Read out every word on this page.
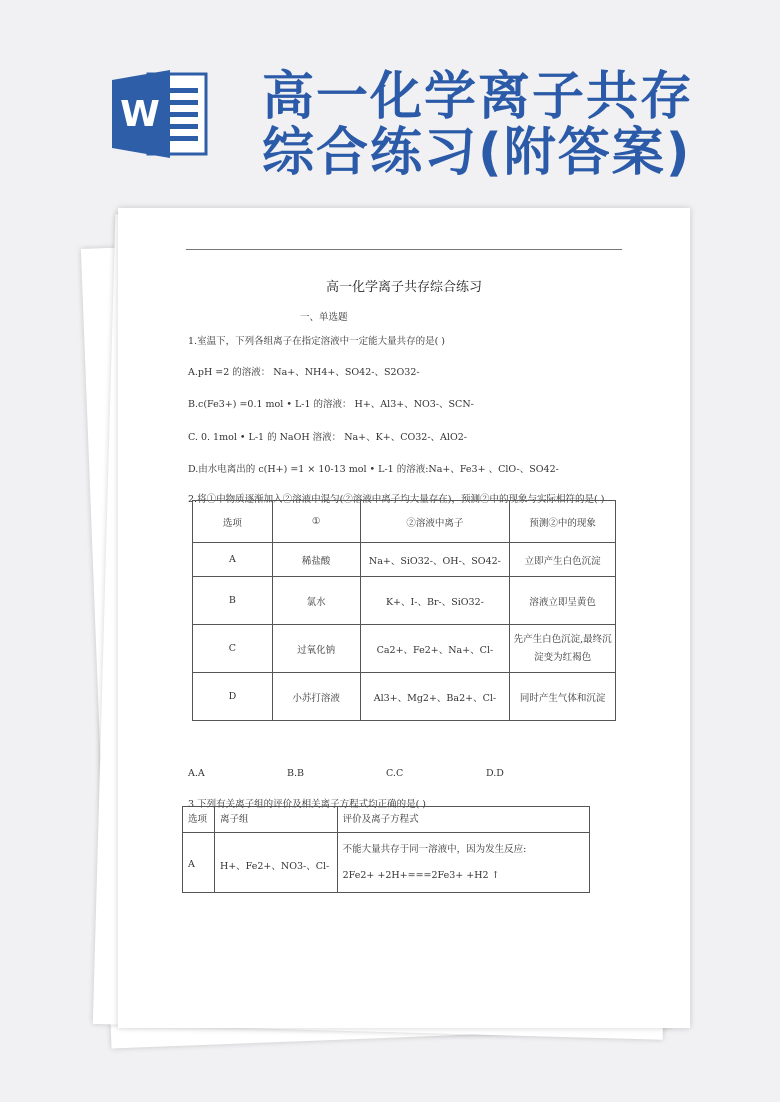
W 高一化学离子共存
综合练习(附答案)
高一化学离子共存综合练习
一、单选题
1.室温下，下列各组离子在指定溶液中一定能大量共存的是( )
A.pH =2 的溶液： Na+、NH4+、SO42-、S2O32-
B.c(Fe3+) =0.1 mol • L-1 的溶液： H+、Al3+、NO3-、SCN-
C. 0. 1mol • L-1 的 NaOH 溶液： Na+、K+、CO32-、AlO2-
D.由水电离出的 c(H+) =1 × 10-13 mol • L-1 的溶液:Na+、Fe3+ 、ClO-、SO42-
2.将①中物质逐渐加入②溶液中混匀(②溶液中离子均大量存在)，预测②中的现象与实际相符的是( )
选项	①	②溶液中离子	预测②中的现象
A	稀盐酸	Na+、SiO32-、OH-、SO42-	立即产生白色沉淀
B	氯水	K+、I-、Br-、SiO32-	溶液立即呈黄色
C	过氧化钠	Ca2+、Fe2+、Na+、Cl-	先产生白色沉淀,最终沉淀变为红褐色
D	小苏打溶液	Al3+、Mg2+、Ba2+、Cl-	同时产生气体和沉淀
A.A	B.B	C.C	D.D
3.下列有关离子组的评价及相关离子方程式均正确的是( )
选项	离子组	评价及离子方程式
A	H+、Fe2+、NO3-、Cl-	不能大量共存于同一溶液中，因为发生反应:
2Fe2+ +2H+===2Fe3+ +H2 ↑
